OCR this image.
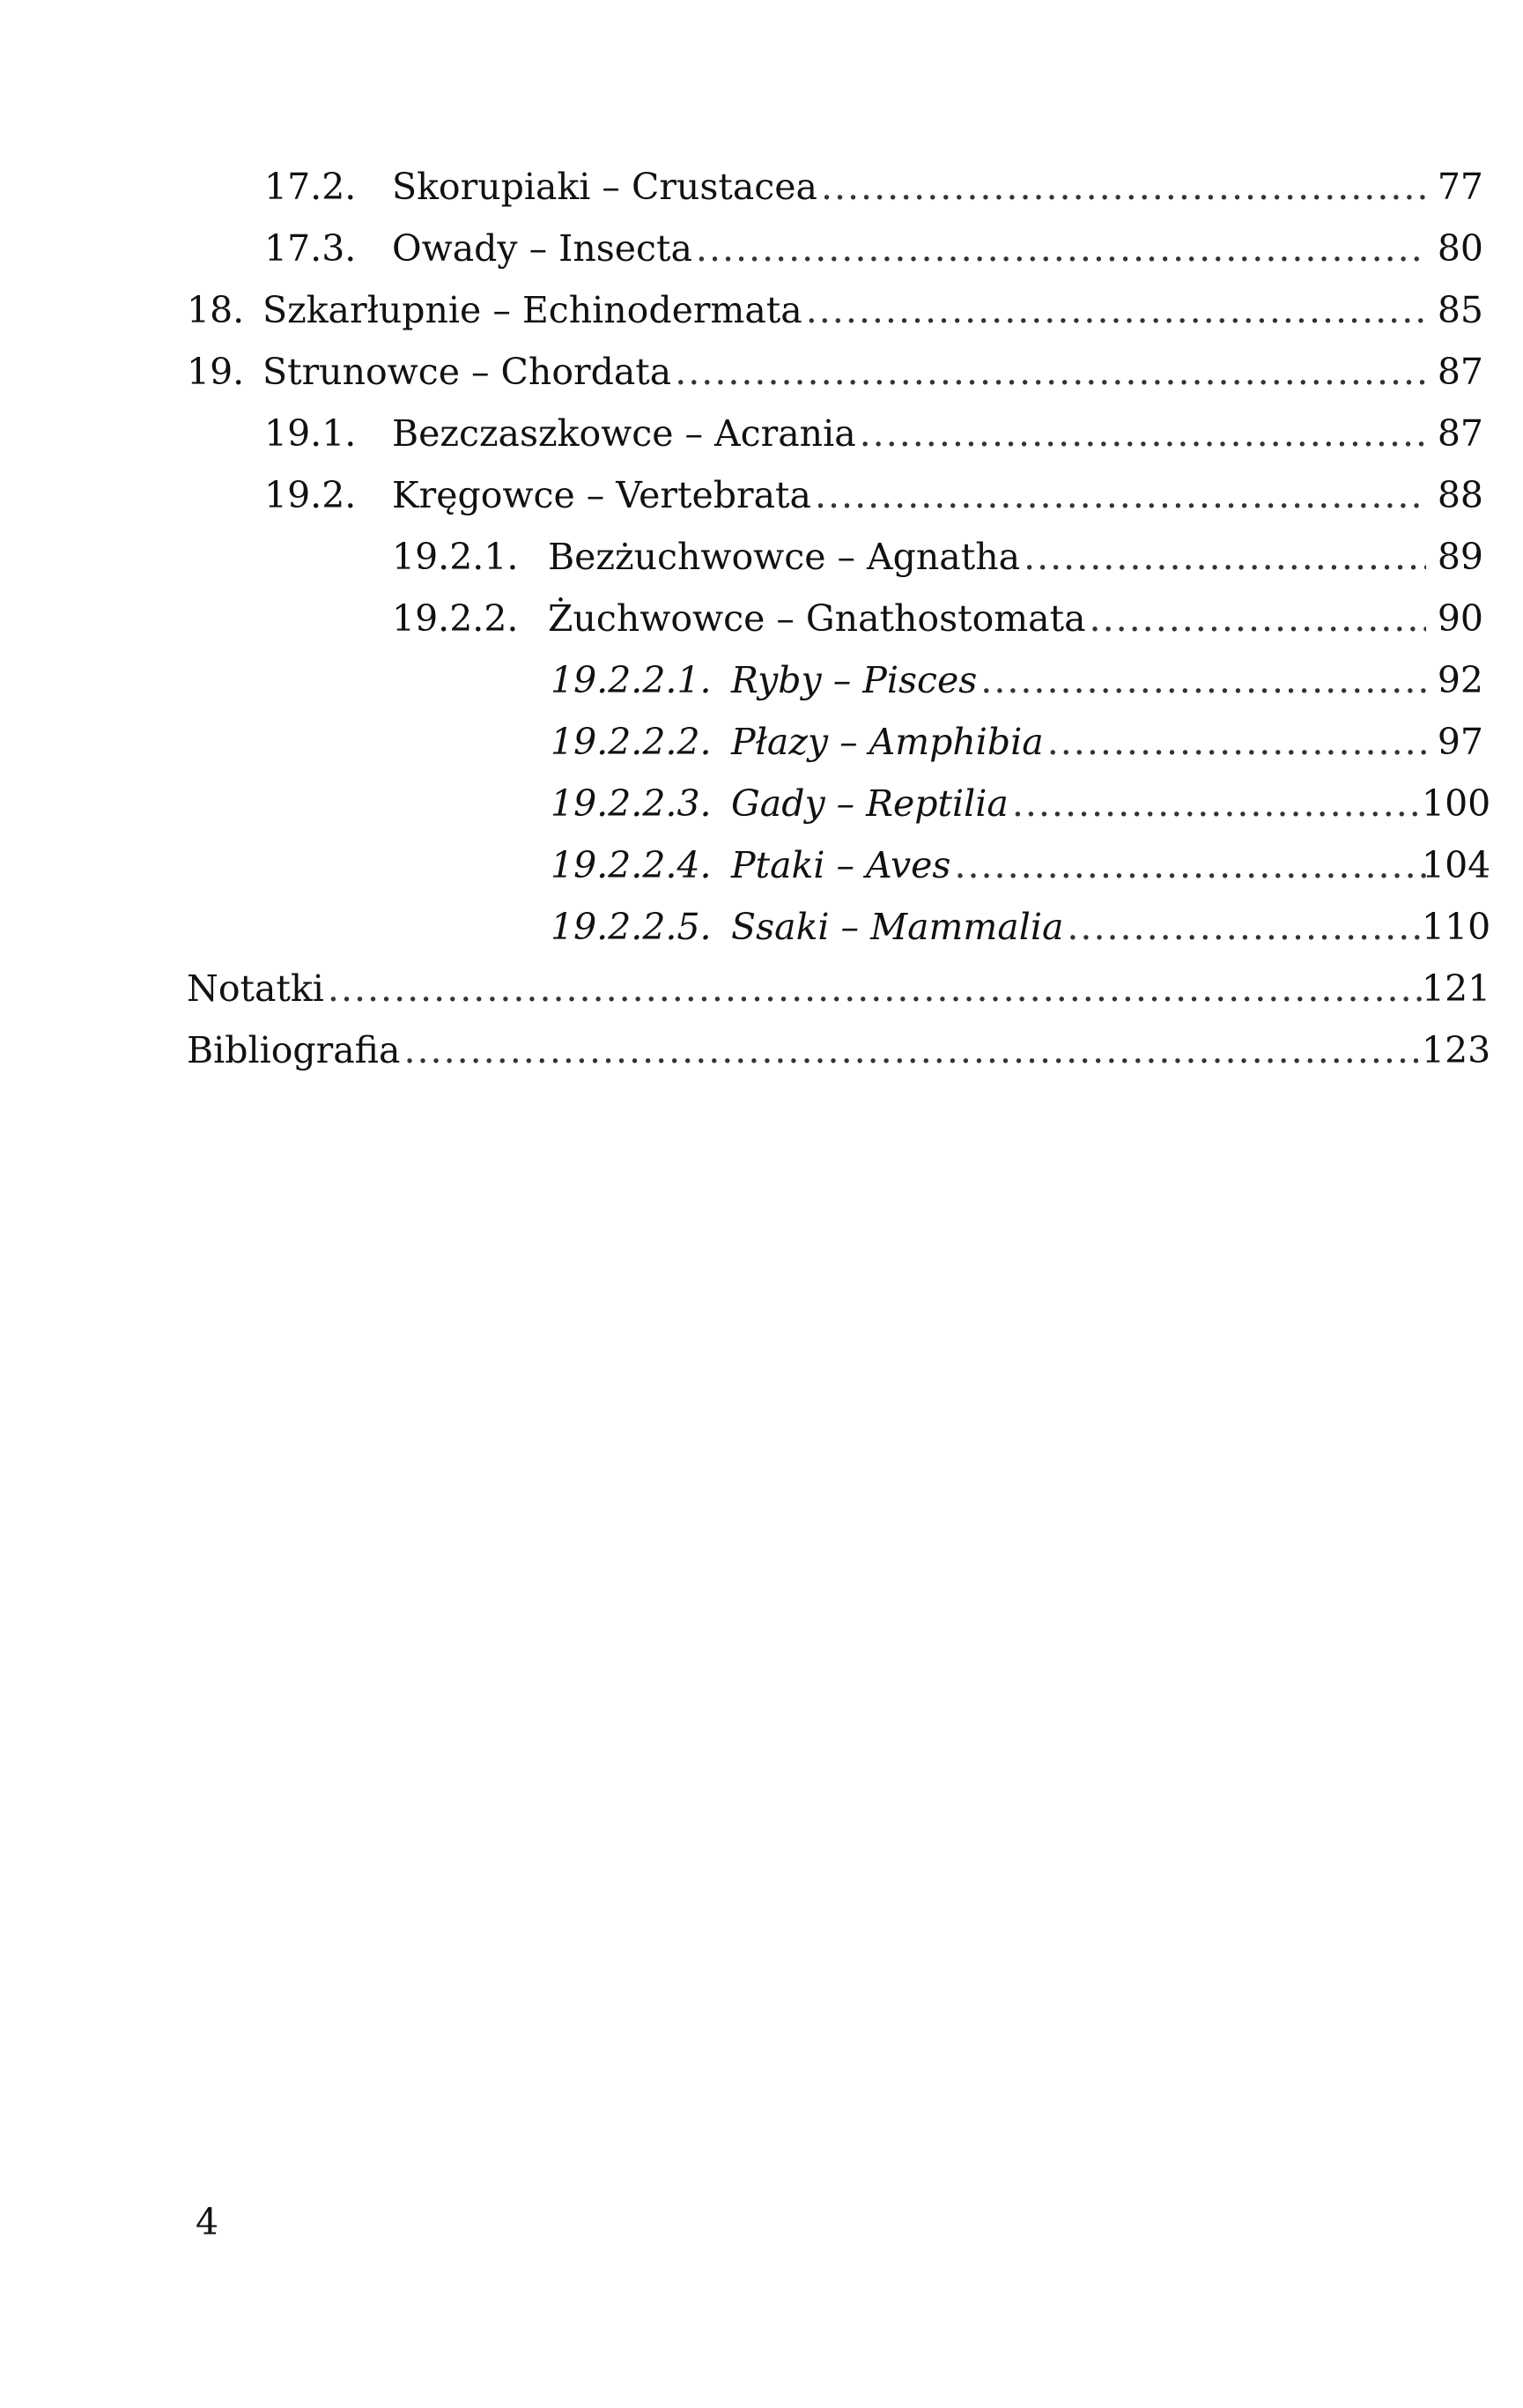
17.2. Skorupiaki – Crustacea .....	77
17.3. Owady – Insecta .....	80
18. Szkarłupnie – Echinodermata .....	85
19. Strunowce – Chordata .....	87
19.1. Bezczaszkowce – Acrania .....	87
19.2. Kręgowce – Vertebrata .....	88
19.2.1. Bezżuchwowce – Agnatha .....	89
19.2.2. Żuchwowce – Gnathostomata .....	90
19.2.2.1. Ryby – Pisces .....	92
19.2.2.2. Płazy – Amphibia .....	97
19.2.2.3. Gady – Reptilia .....	100
19.2.2.4. Ptaki – Aves .....	104
19.2.2.5. Ssaki – Mammalia .....	110
Notatki .....	121
Bibliografia .....	123
4
